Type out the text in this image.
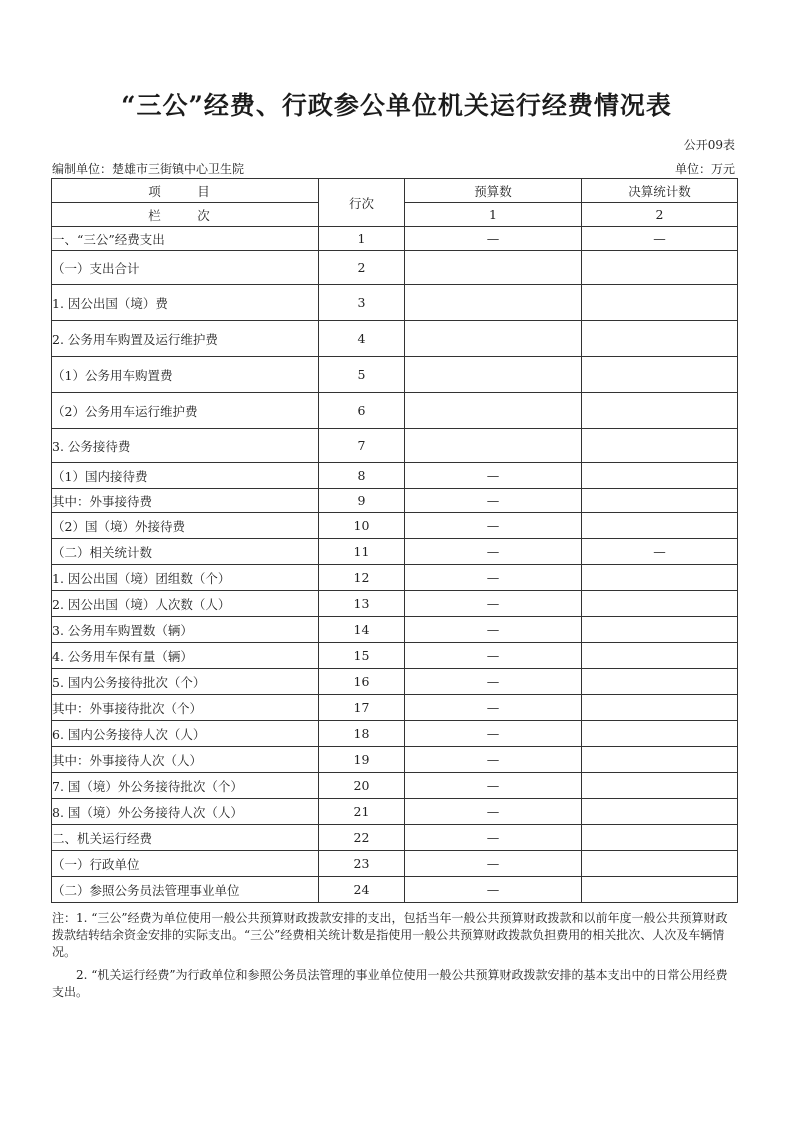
“三公”经费、行政参公单位机关运行经费情况表
公开09表
编制单位：楚雄市三街镇中心卫生院	单位：万元
项　目	行次	预算数	决算统计数
栏　次		1	2
一、“三公”经费支出	1	—	—
（一）支出合计	2		
1. 因公出国（境）费	3		
2. 公务用车购置及运行维护费	4		
（1）公务用车购置费	5		
（2）公务用车运行维护费	6		
3. 公务接待费	7		
（1）国内接待费	8	—	
其中：外事接待费	9	—	
（2）国（境）外接待费	10	—	
（二）相关统计数	11	—	—
1. 因公出国（境）团组数（个）	12	—	
2. 因公出国（境）人次数（人）	13	—	
3. 公务用车购置数（辆）	14	—	
4. 公务用车保有量（辆）	15	—	
5. 国内公务接待批次（个）	16	—	
其中：外事接待批次（个）	17	—	
6. 国内公务接待人次（人）	18	—	
其中：外事接待人次（人）	19	—	
7. 国（境）外公务接待批次（个）	20	—	
8. 国（境）外公务接待人次（人）	21	—	
二、机关运行经费	22	—	
（一）行政单位	23	—	
（二）参照公务员法管理事业单位	24	—	

注：1. “三公”经费为单位使用一般公共预算财政拨款安排的支出，包括当年一般公共预算财政拨款和以前年度一般公共预算财政拨款结转结余资金安排的实际支出。“三公”经费相关统计数是指使用一般公共预算财政拨款负担费用的相关批次、人次及车辆情况。

2. “机关运行经费”为行政单位和参照公务员法管理的事业单位使用一般公共预算财政拨款安排的基本支出中的日常公用经费支出。
